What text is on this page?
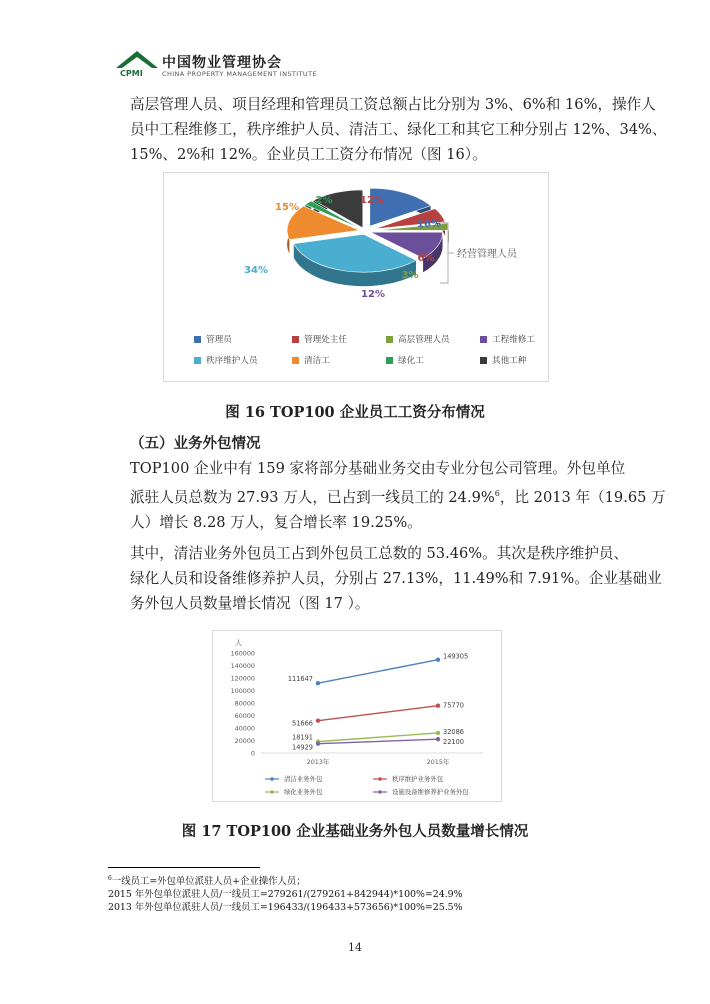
CPMI
中国物业管理协会
CHINA PROPERTY MANAGEMENT INSTITUTE
高层管理人员、项目经理和管理员工资总额占比分别为 3%、6%和 16%，操作人
员中工程维修工，秩序维护人员、清洁工、绿化工和其它工种分别占 12%、34%、
15%、2%和 12%。企业员工工资分布情况（图 16）。
16%
6%
3%
12%
34%
15%
2%	12%
经营管理人员
管理员	管理处主任	高层管理人员	工程维修工
秩序维护人员	清洁工	绿化工	其他工种
图 16 TOP100 企业员工工资分布情况
（五）业务外包情况
TOP100 企业中有 159 家将部分基础业务交由专业分包公司管理。外包单位
派驻人员总数为 27.93 万人，已占到一线员工的 24.9%$^6$，比 2013 年（19.65 万
人）增长 8.28 万人，复合增长率 19.25%。
其中，清洁业务外包员工占到外包员工总数的 53.46%。其次是秩序维护员、
绿化人员和设备维修养护人员，分别占 27.13%，11.49%和 7.91%。企业基础业
务外包人员数量增长情况（图 17 ）。
人
0
20000
40000
60000
80000
100000
120000
140000
160000
2013年	2015年
111647
149305
51666
75770
18191
32086
14929
22100
清洁业务外包	秩序维护业务外包
绿化业务外包	设施设备维修养护业务外包
图 17 TOP100 企业基础业务外包人员数量增长情况
$^6$一线员工=外包单位派驻人员+企业操作人员；
2015 年外包单位派驻人员/一线员工=279261/(279261+842944)*100%=24.9%
2013 年外包单位派驻人员/一线员工=196433/(196433+573656)*100%=25.5%
14
